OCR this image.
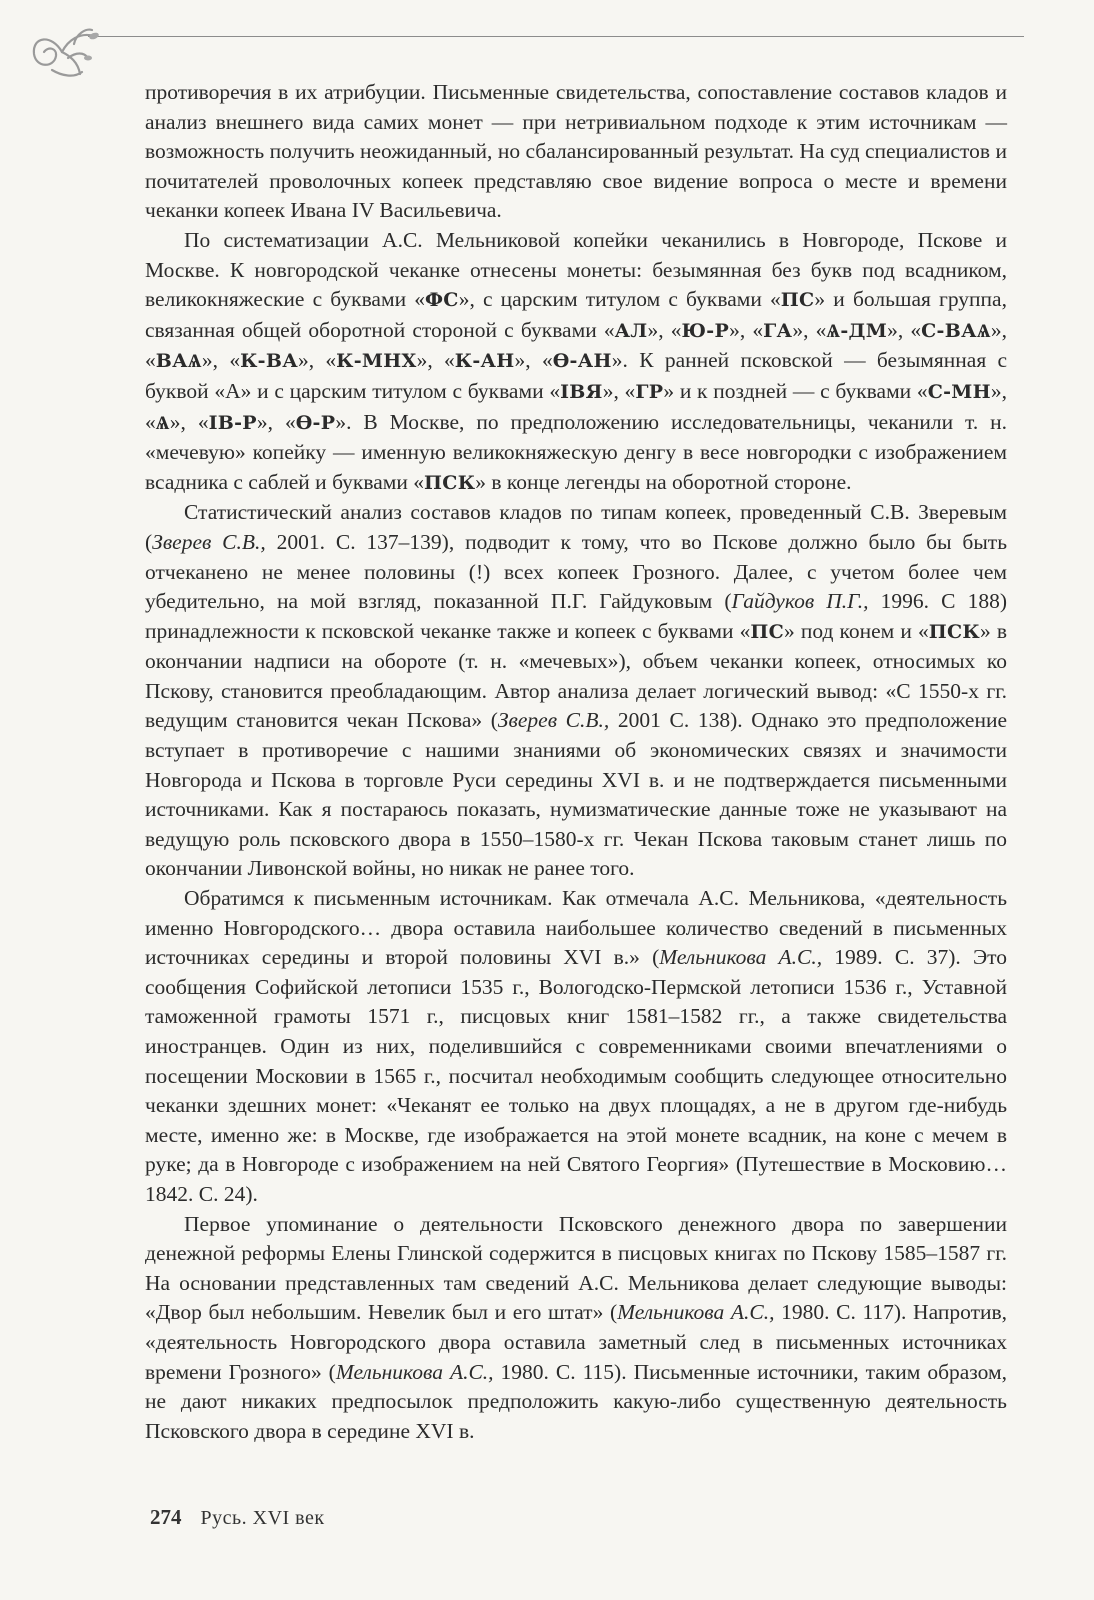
противоречия в их атрибуции. Письменные свидетельства, сопоставление составов кладов и анализ внешнего вида самих монет — при нетривиальном подходе к этим источникам — возможность получить неожиданный, но сбалансированный результат. На суд специалистов и почитателей проволочных копеек представляю свое видение вопроса о месте и времени чеканки копеек Ивана IV Васильевича.

По систематизации А.С. Мельниковой копейки чеканились в Новгороде, Пскове и Москве. К новгородской чеканке отнесены монеты: безымянная без букв под всадником, великокняжеские с буквами «ФС», с царским титулом с буквами «ПС» и большая группа, связанная общей оборотной стороной с буквами «АЛ», «Ю-Р», «ГА», «Ѧ-ДМ», «С-ВАѦ», «ВАѦ», «К-ВА», «К-МНХ», «К-АН», «Ѳ-АН». К ранней псковской — безымянная с буквой «А» и с царским титулом с буквами «IВЯ», «ГР» и к поздней — с буквами «С-МН», «Ѧ», «IВ-Р», «Ѳ-Р». В Москве, по предположению исследовательницы, чеканили т. н. «мечевую» копейку — именную великокняжескую денгу в весе новгородки с изображением всадника с саблей и буквами «ПСК» в конце легенды на оборотной стороне.

Статистический анализ составов кладов по типам копеек, проведенный С.В. Зверевым (Зверев С.В., 2001. С. 137–139), подводит к тому, что во Пскове должно было бы быть отчеканено не менее половины (!) всех копеек Грозного. Далее, с учетом более чем убедительно, на мой взгляд, показанной П.Г. Гайдуковым (Гайдуков П.Г., 1996. С 188) принадлежности к псковской чеканке также и копеек с буквами «ПС» под конем и «ПСК» в окончании надписи на обороте (т. н. «мечевых»), объем чеканки копеек, относимых ко Пскову, становится преобладающим. Автор анализа делает логический вывод: «С 1550-х гг. ведущим становится чекан Пскова» (Зверев С.В., 2001 С. 138). Однако это предположение вступает в противоречие с нашими знаниями об экономических связях и значимости Новгорода и Пскова в торговле Руси середины XVI в. и не подтверждается письменными источниками. Как я постараюсь показать, нумизматические данные тоже не указывают на ведущую роль псковского двора в 1550–1580-х гг. Чекан Пскова таковым станет лишь по окончании Ливонской войны, но никак не ранее того.

Обратимся к письменным источникам. Как отмечала А.С. Мельникова, «деятельность именно Новгородского… двора оставила наибольшее количество сведений в письменных источниках середины и второй половины XVI в.» (Мельникова А.С., 1989. С. 37). Это сообщения Софийской летописи 1535 г., Вологодско-Пермской летописи 1536 г., Уставной таможенной грамоты 1571 г., писцовых книг 1581–1582 гг., а также свидетельства иностранцев. Один из них, поделившийся с современниками своими впечатлениями о посещении Московии в 1565 г., посчитал необходимым сообщить следующее относительно чеканки здешних монет: «Чеканят ее только на двух площадях, а не в другом где-нибудь месте, именно же: в Москве, где изображается на этой монете всадник, на коне с мечем в руке; да в Новгороде с изображением на ней Святого Георгия» (Путешествие в Московию… 1842. С. 24).

Первое упоминание о деятельности Псковского денежного двора по завершении денежной реформы Елены Глинской содержится в писцовых книгах по Пскову 1585–1587 гг. На основании представленных там сведений А.С. Мельникова делает следующие выводы: «Двор был небольшим. Невелик был и его штат» (Мельникова А.С., 1980. С. 117). Напротив, «деятельность Новгородского двора оставила заметный след в письменных источниках времени Грозного» (Мельникова А.С., 1980. С. 115). Письменные источники, таким образом, не дают никаких предпосылок предположить какую-либо существенную деятельность Псковского двора в середине XVI в.

274 Русь. XVI век
